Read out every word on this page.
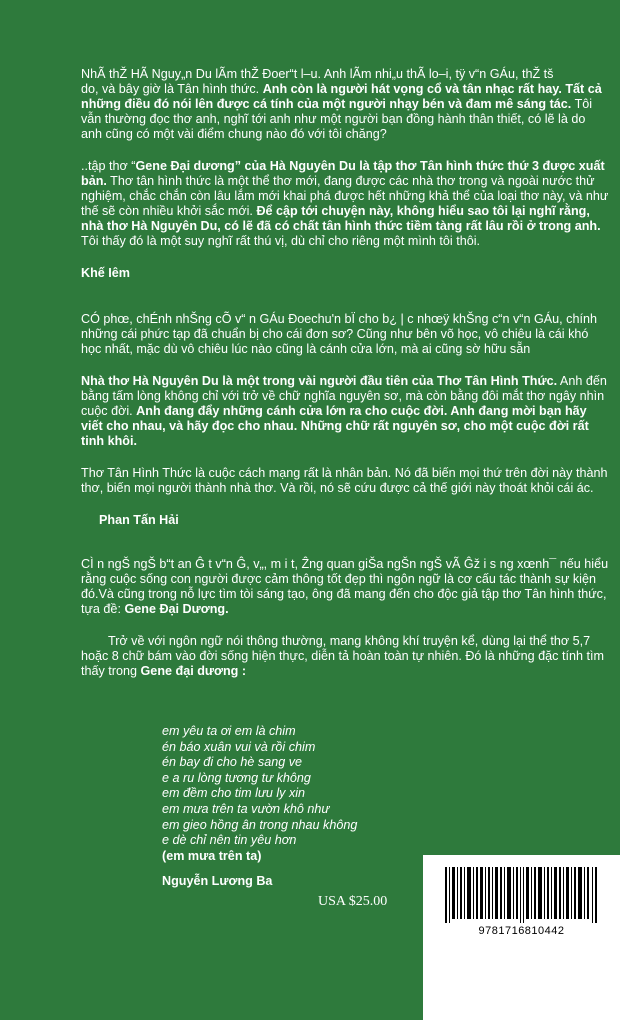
NhÃ thŽ HÃ Nguy„n Du lÃm thŽ Ðoer“t l–u. Anh lÃm nhi„u thÃ lo–i, tÿ v“n GÁu, thŽ tš
do, và bây giờ là Tân hình thức. Anh còn là người hát vọng cổ và tân nhạc rất hay. Tất cả những điều đó nói lên được cá tính của một người nhạy bén và đam mê sáng tác. Tôi vẫn thường đọc thơ anh, nghĩ tới anh như một người bạn đồng hành thân thiết, có lẽ là do anh cũng có một vài điểm chung nào đó với tôi chăng?

..tập thơ “Gene Đại dương” của Hà Nguyên Du là tập thơ Tân hình thức thứ 3 được xuất bản. Thơ tân hình thức là một thể thơ mới, đang được các nhà thơ trong và ngoài nước thử nghiệm, chắc chắn còn lâu lắm mới khai phá được hết những khả thể của loại thơ này, và như thế sẽ còn nhiều khởi sắc mới. Để cập tới chuyện này, không hiểu sao tôi lại nghĩ rằng, nhà thơ Hà Nguyên Du, có lẽ đã có chất tân hình thức tiềm tàng rất lâu rồi ở trong anh. Tôi thấy đó là một suy nghĩ rất thú vị, dù chỉ cho riêng một mình tôi thôi.

Khế Iêm

CÓ phœ, chÉnh nhŠng cÕ v“ n GÁu Ðoechu'n bÏ cho b¿ | c nhœÿ khŠng c“n v“n GÁu, chính những cái phức tạp đã chuẩn bị cho cái đơn sơ? Cũng như bên võ học, vô chiêu là cái khó học nhất, mặc dù vô chiêu lúc nào cũng là cánh cửa lớn, mà ai cũng sờ hữu sẵn

Nhà thơ Hà Nguyên Du là một trong vài người đầu tiên của Thơ Tân Hình Thức. Anh đến bằng tấm lòng không chỉ với trở về chữ nghĩa nguyên sơ, mà còn bằng đôi mắt thơ ngây nhìn cuộc đời. Anh đang đẩy những cánh cửa lớn ra cho cuộc đời. Anh đang mời bạn hãy viết cho nhau, và hãy đọc cho nhau. Những chữ rất nguyên sơ, cho một cuộc đời rất tinh khôi.

Thơ Tân Hình Thức là cuộc cách mạng rất là nhân bản. Nó đã biến mọi thứ trên đời này thành thơ, biến mọi người thành nhà thơ. Và rồi, nó sẽ cứu được cả thế giới này thoát khỏi cái ác.

Phan Tấn Hải

CÌ n ngŠ ngŠ b“t an Ĝ t v“n Ĝ, v„, m i t, Ẑng quan giŠa ngŠn ngŠ vÃ Ĝž i s ng xœnh¯ nếu hiểu rằng cuộc sống con người được cảm thông tốt đẹp thì ngôn ngữ là cơ cấu tác thành sự kiện đó.Và cũng trong nỗ lực tìm tòi sáng tạo, ông đã mang đến cho độc giả tập thơ Tân hình thức, tựa đề: Gene Đại Dương.

Trở về với ngôn ngữ nói thông thường, mang không khí truyện kể, dùng lại thể thơ 5,7 hoặc 8 chữ bám vào đời sống hiện thực, diễn tả hoàn toàn tự nhiên. Đó là những đặc tính tìm thấy trong Gene đại dương :

em yêu ta ơi em là chim
én báo xuân vui và rồi chim
én bay đi cho hè sang ve
e a ru lòng tương tư không
em đềm cho tim lưu ly xin
em mưa trên ta vườn khô như
em gieo hồng ân trong nhau không
e dè chỉ nên tin yêu hơn
(em mưa trên ta)
Nguyễn Lương Ba
USA $25.00
9781716810442
